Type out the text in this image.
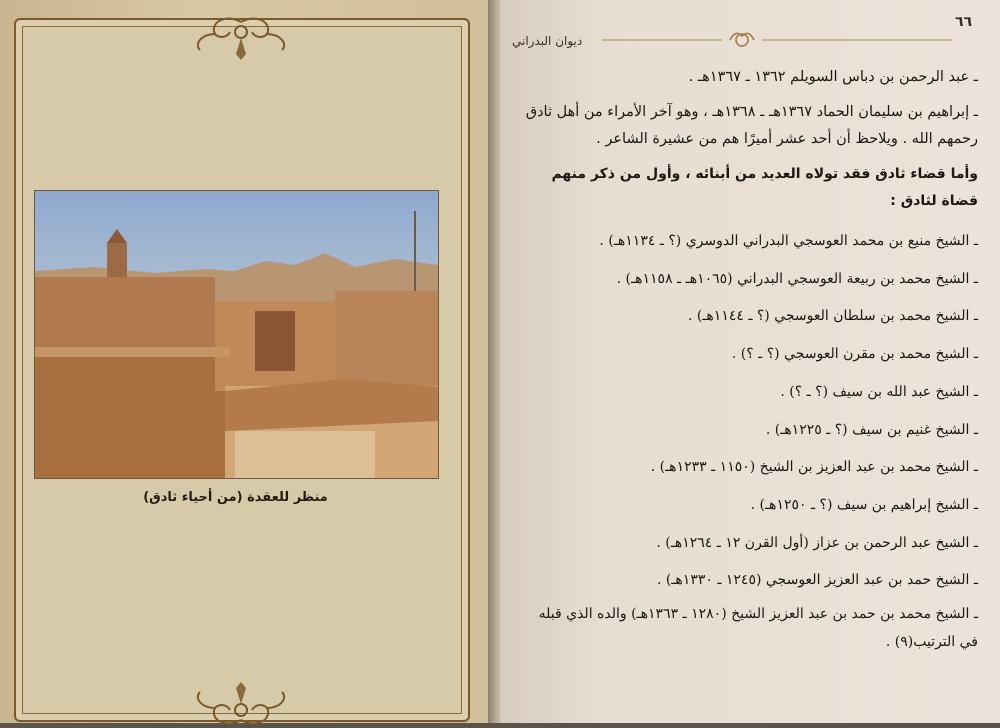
منظر للعقدة (من أحياء ثادق)
٦٦
ديوان البدراني

ـ عبد الرحمن بن دباس السويلم ١٣٦٢ ـ ١٣٦٧هـ .

ـ إبراهيم بن سليمان الحماد ١٣٦٧هـ ـ ١٣٦٨هـ ، وهو آخر الأمراء من أهل ثادق رحمهم الله . ويلاحظ أن أحد عشر أميرًا هم من عشيرة الشاعر .

وأما قضاء ثادق فقد تولاه العديد من أبنائه ، وأول من ذكر منهم قضاة لثادق :

ـ الشيخ منيع بن محمد العوسجي البدراني الدوسري (؟ ـ ١١٣٤هـ) .

ـ الشيخ محمد بن ربيعة العوسجي البدراني (١٠٦٥هـ ـ ١١٥٨هـ) .

ـ الشيخ محمد بن سلطان العوسجي (؟ ـ ١١٤٤هـ) .

ـ الشيخ محمد بن مقرن العوسجي (؟ ـ ؟) .

ـ الشيخ عبد الله بن سيف (؟ ـ ؟) .

ـ الشيخ غنيم بن سيف (؟ ـ ١٢٢٥هـ) .

ـ الشيخ محمد بن عبد العزيز بن الشيخ (١١٥٠ ـ ١٢٣٣هـ) .

ـ الشيخ إبراهيم بن سيف (؟ ـ ١٢٥٠هـ) .

ـ الشيخ عبد الرحمن بن عزاز (أول القرن ١٢ ـ ١٢٦٤هـ) .

ـ الشيخ حمد بن عبد العزيز العوسجي (١٢٤٥ ـ ١٣٣٠هـ) .

ـ الشيخ محمد بن حمد بن عبد العزيز الشيخ (١٢٨٠ ـ ١٣٦٣هـ) والده الذي قبله في الترتيب(٩) .
